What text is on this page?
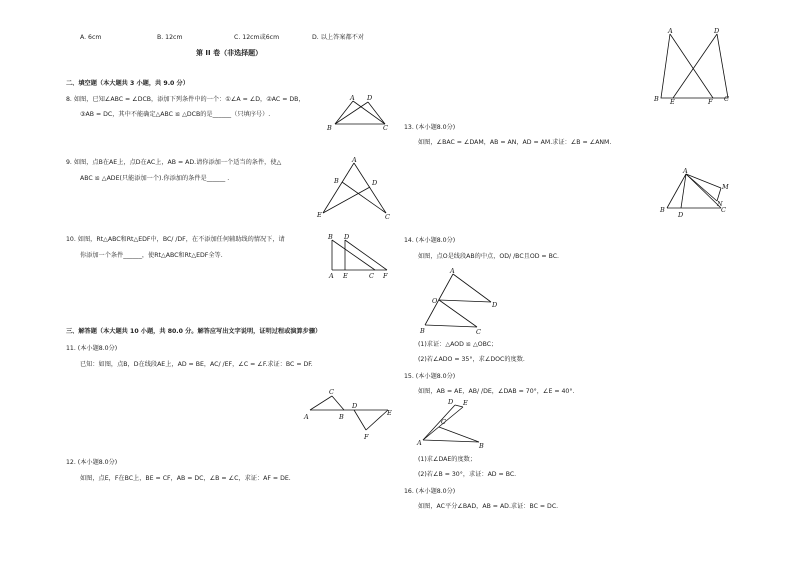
A. 6cm	B. 12cm	C. 12cm或6cm	D. 以上答案都不对
第 II 卷（非选择题）
二、填空题（本大题共 3 小题，共 9.0 分）
8. 如图，已知∠ABC = ∠DCB，添加下列条件中的一个：①∠A = ∠D，②AC = DB，
③AB = DC，其中不能确定△ABC ≌ △DCB的是______（只填序号）.
9. 如图，点B在AE上，点D在AC上，AB = AD.请你添加一个适当的条件，使△
ABC ≌ △ADE(只能添加一个).你添加的条件是______ .
10. 如图，Rt△ABC和Rt△EDF中，BC/ /DF，在不添加任何辅助线的情况下，请
你添加一个条件______，使Rt△ABC和Rt△EDF全等.
三、解答题（本大题共 10 小题，共 80.0 分。解答应写出文字说明，证明过程或演算步骤）
11. (本小题8.0分)
已知：如图，点B，D在线段AE上，AD = BE，AC/ /EF，∠C = ∠F.求证：BC = DF.
12. (本小题8.0分)
如图，点E，F在BC上，BE = CF，AB = DC，∠B = ∠C，求证：AF = DE.
13. (本小题8.0分)
如图，∠BAC = ∠DAM，AB = AN，AD = AM.求证：∠B = ∠ANM.
14. (本小题8.0分)
如图，点O是线段AB的中点，OD/ /BC且OD = BC.
(1)求证：△AOD ≌ △OBC；
(2)若∠ADO = 35°，求∠DOC的度数.
15. (本小题8.0分)
如图，AB = AE，AB/ /DE，∠DAB = 70°，∠E = 40°.
(1)求∠DAE的度数；
(2)若∠B = 30°，求证：AD = BC.
16. (本小题8.0分)
如图，AC平分∠BAD，AB = AD.求证：BC = DC.
A	D
B E	F C
A D
B	C
A
B	D
E	C
B D
A E	C F
C
A	B
D
E
F
A
M
N
B
D
C
A
O	D
B	C
D E
C
A	B
